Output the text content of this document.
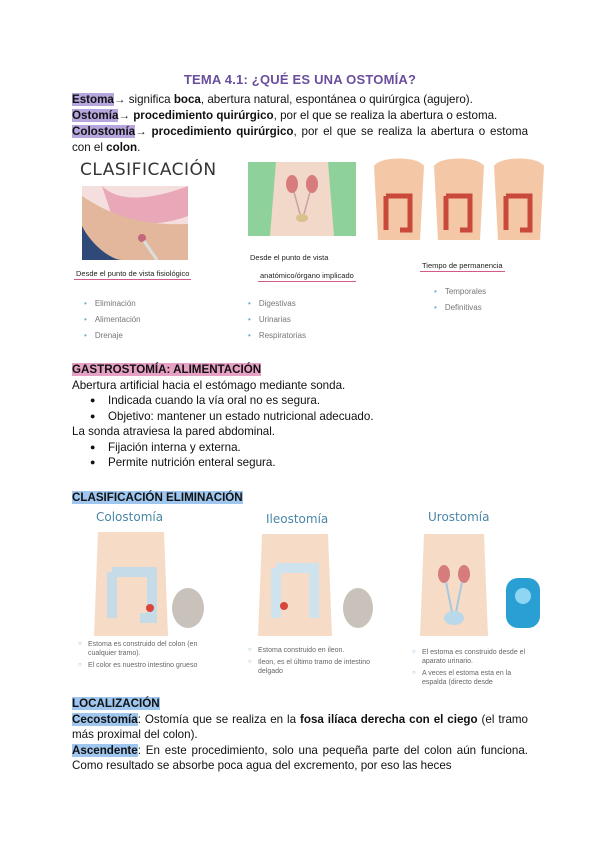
TEMA 4.1: ¿QUÉ ES UNA OSTOMÍA?
Estoma→ significa boca, abertura natural, espontánea o quirúrgica (agujero).
Ostomía→ procedimiento quirúrgico, por el que se realiza la abertura o estoma.
Colostomía→ procedimiento quirúrgico, por el que se realiza la abertura o estoma con el colon.
CLASIFICACIÓN
Desde el punto de vista fisiológico
• Eliminación
• Alimentación
• Drenaje
Desde el punto de vista
anatómico/órgano implicado
• Digestivas
• Urinarias
• Respiratorias
Tiempo de permanencia
• Temporales
• Definitivas
GASTROSTOMÍA: ALIMENTACIÓN
Abertura artificial hacia el estómago mediante sonda.
● Indicada cuando la vía oral no es segura.
● Objetivo: mantener un estado nutricional adecuado.
La sonda atraviesa la pared abdominal.
● Fijación interna y externa.
● Permite nutrición enteral segura.
CLASIFICACIÓN ELIMINACIÓN
Colostomía	Ileostomía	Urostomía
○ Estoma es construido del colon (en cualquier tramo).
○ El color es nuestro intestino grueso
○ Estoma construido en ileon.
○ Ileon, es el último tramo de intestino delgado
○ El estoma es construido desde el aparato urinario.
○ A veces el estoma esta en la espalda (directo desde
LOCALIZACIÓN
Cecostomía: Ostomía que se realiza en la fosa ilíaca derecha con el ciego (el tramo más proximal del colon).
Ascendente: En este procedimiento, solo una pequeña parte del colon aún funciona. Como resultado se absorbe poca agua del excremento, por eso las heces
